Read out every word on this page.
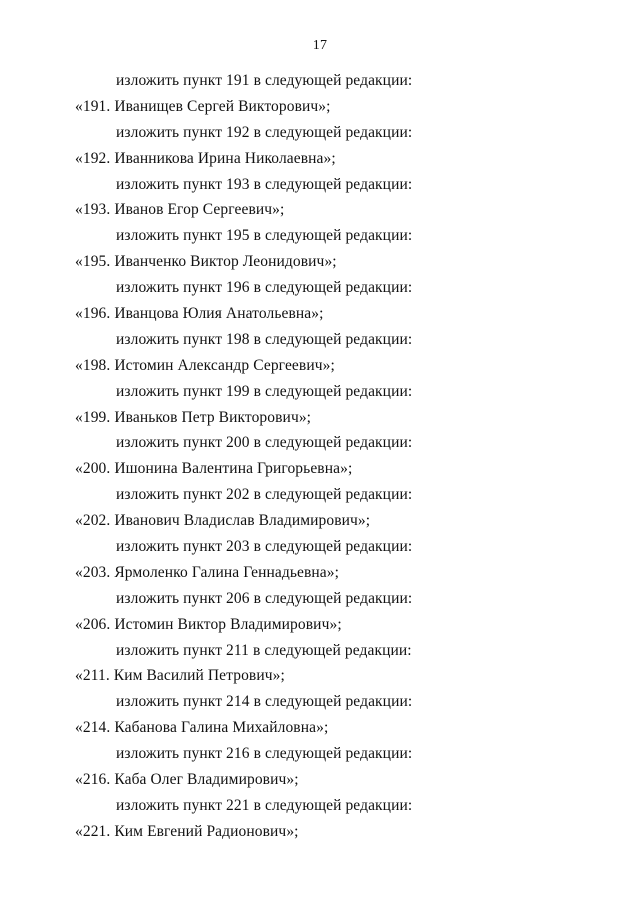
17
изложить пункт 191 в следующей редакции:
«191. Иванищев Сергей Викторович»;
изложить пункт 192 в следующей редакции:
«192. Иванникова Ирина Николаевна»;
изложить пункт 193 в следующей редакции:
«193. Иванов Егор Сергеевич»;
изложить пункт 195 в следующей редакции:
«195. Иванченко Виктор Леонидович»;
изложить пункт 196 в следующей редакции:
«196. Иванцова Юлия Анатольевна»;
изложить пункт 198 в следующей редакции:
«198. Истомин Александр Сергеевич»;
изложить пункт 199 в следующей редакции:
«199. Иваньков Петр Викторович»;
изложить пункт 200 в следующей редакции:
«200. Ишонина Валентина Григорьевна»;
изложить пункт 202 в следующей редакции:
«202. Иванович Владислав Владимирович»;
изложить пункт 203 в следующей редакции:
«203. Ярмоленко Галина Геннадьевна»;
изложить пункт 206 в следующей редакции:
«206. Истомин Виктор Владимирович»;
изложить пункт 211 в следующей редакции:
«211. Ким Василий Петрович»;
изложить пункт 214 в следующей редакции:
«214. Кабанова Галина Михайловна»;
изложить пункт 216 в следующей редакции:
«216. Каба Олег Владимирович»;
изложить пункт 221 в следующей редакции:
«221. Ким Евгений Радионович»;
